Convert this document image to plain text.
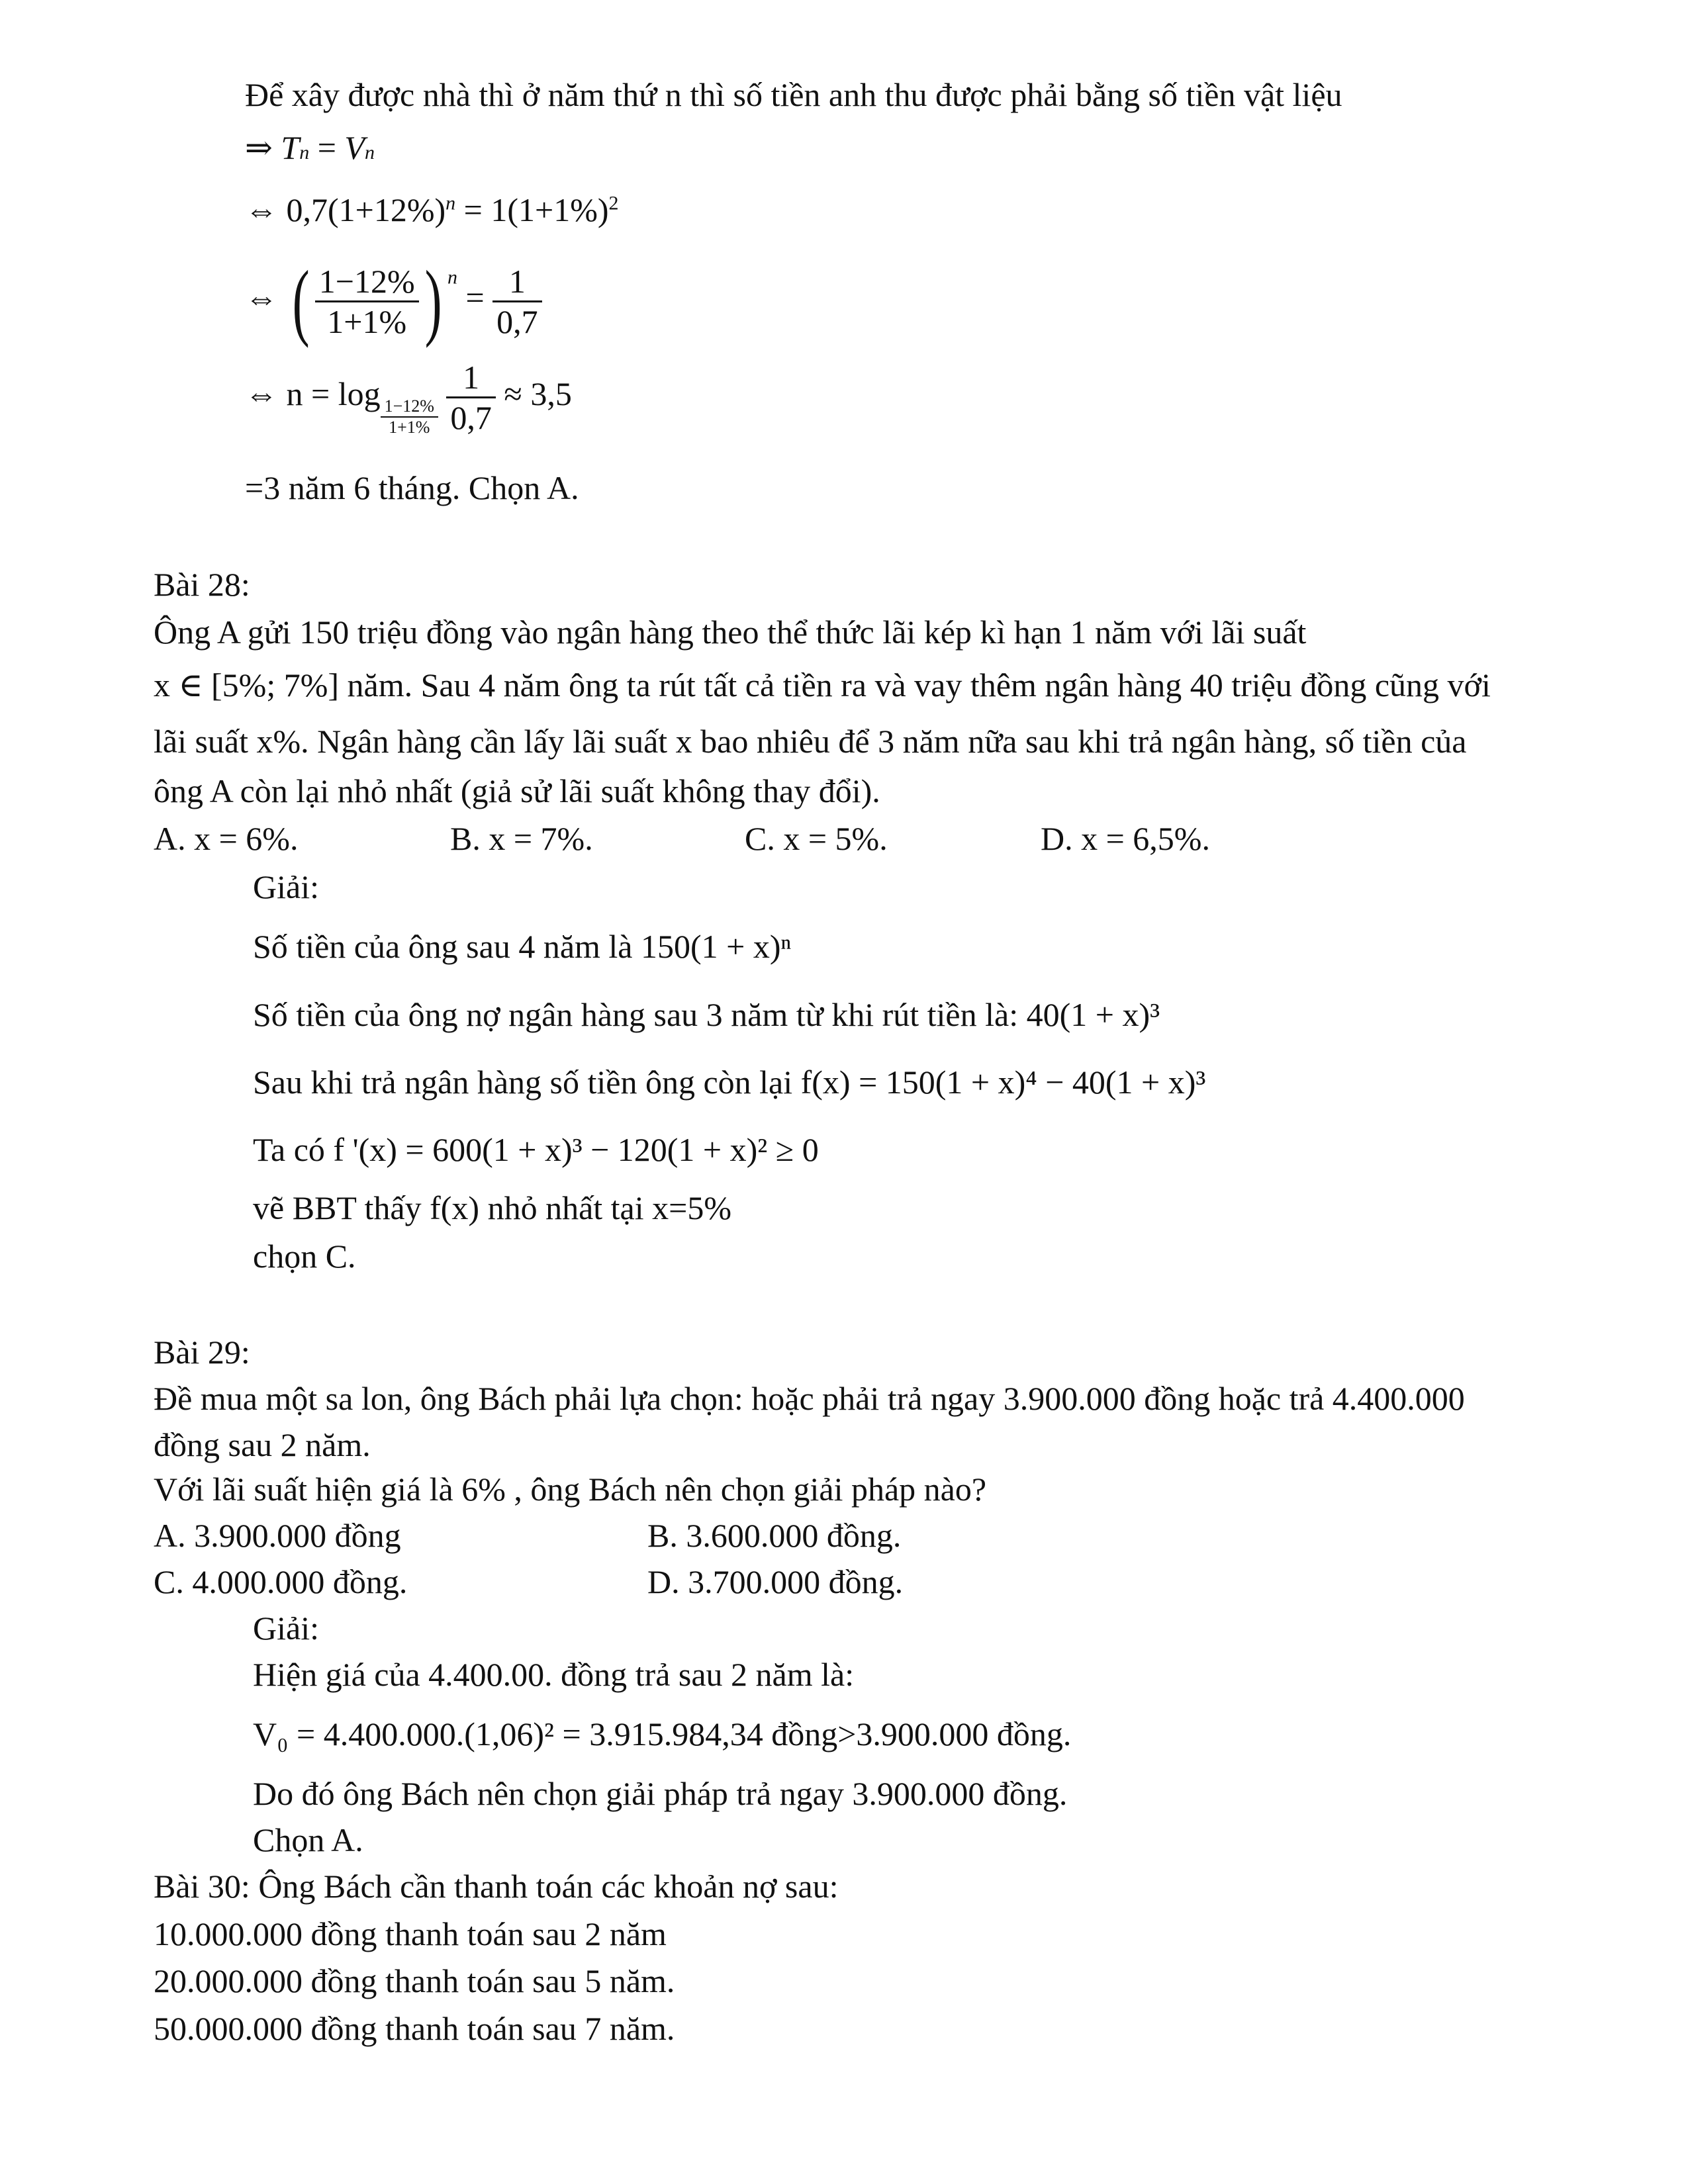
Để xây được nhà thì ở năm thứ n thì số tiền anh thu được phải bằng số tiền vật liệu
⇒ Tn = Vn
⇔ $0,7(1+12\%)^n = 1(1+1\%)^2$
⇔ ( $\frac{1-12\%}{1+1\%}$ ) $^n = \frac{1}{0,7}$
⇔ n = log
$\frac{1-12\%}{1+1\%}$
$\frac{1}{0,7} \approx 3,5$
=3 năm 6 tháng. Chọn A.
Bài 28:
Ông A gửi 150 triệu đồng vào ngân hàng theo thể thức lãi kép kì hạn 1 năm với lãi suất
x ∈ [5%; 7%] năm. Sau 4 năm ông ta rút tất cả tiền ra và vay thêm ngân hàng 40 triệu đồng cũng với
lãi suất x%. Ngân hàng cần lấy lãi suất x bao nhiêu để 3 năm nữa sau khi trả ngân hàng, số tiền của
ông A còn lại nhỏ nhất (giả sử lãi suất không thay đổi).
A. x = 6%.	B. x = 7%.	C. x = 5%.	D. x = 6,5%.
Giải:
Số tiền của ông sau 4 năm là 150(1 + x)ⁿ
Số tiền của ông nợ ngân hàng sau 3 năm từ khi rút tiền là: 40(1 + x)³
Sau khi trả ngân hàng số tiền ông còn lại f(x) = 150(1 + x)⁴ − 40(1 + x)³
Ta có f '(x) = 600(1 + x)³ − 120(1 + x)² ≥ 0
vẽ BBT thấy f(x) nhỏ nhất tại x=5%
chọn C.
Bài 29:
Đề mua một sa lon, ông Bách phải lựa chọn: hoặc phải trả ngay 3.900.000 đồng hoặc trả 4.400.000
đồng sau 2 năm.
Với lãi suất hiện giá là 6% , ông Bách nên chọn giải pháp nào?
A. 3.900.000 đồng	B. 3.600.000 đồng.
C. 4.000.000 đồng.	D. 3.700.000 đồng.
Giải:
Hiện giá của 4.400.00. đồng trả sau 2 năm là:
V₀ = 4.400.000.(1,06)² = 3.915.984,34 đồng>3.900.000 đồng.
Do đó ông Bách nên chọn giải pháp trả ngay 3.900.000 đồng.
Chọn A.
Bài 30: Ông Bách cần thanh toán các khoản nợ sau:
10.000.000 đồng thanh toán sau 2 năm
20.000.000 đồng thanh toán sau 5 năm.
50.000.000 đồng thanh toán sau 7 năm.
